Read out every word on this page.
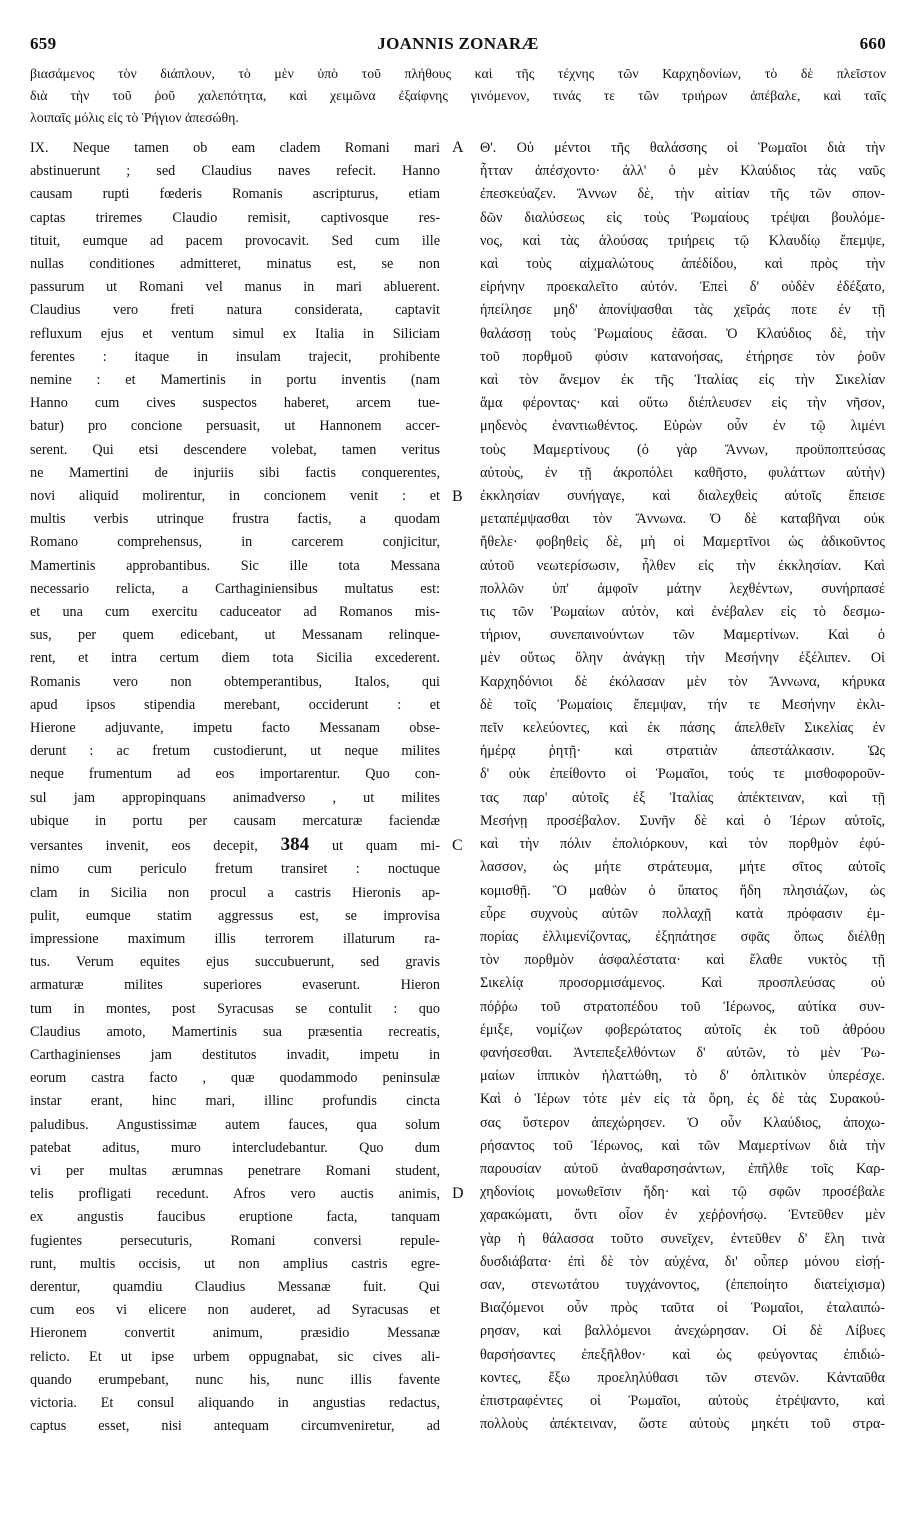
659	JOANNIS ZONARÆ	660
βιασάμενος τὸν διάπλουν, τὸ μὲν ὑπὸ τοῦ πλήθους καὶ τῆς τέχνης τῶν Καρχηδονίων, τὸ δὲ πλεῖστον
διὰ τὴν τοῦ ῥοῦ χαλεπότητα, καὶ χειμῶνα ἐξαίφνης γινόμενον, τινάς τε τῶν τριήρων ἀπέβαλε, καὶ ταῖς
λοιπαῖς μόλις εἰς τὸ Ῥήγιον ἀπεσώθη.
IX. Neque tamen ob eam cladem Romani mari
abstinuerunt ; sed Claudius naves refecit. Hanno
causam rupti fœderis Romanis ascripturus, etiam
captas triremes Claudio remisit, captivosque res-
tituit, eumque ad pacem provocavit. Sed cum ille
nullas conditiones admitteret, minatus est, se non
passurum ut Romani vel manus in mari abluerent.
Claudius vero freti natura considerata, captavit
refluxum ejus et ventum simul ex Italia in Siliciam
ferentes : itaque in insulam trajecit, prohibente
nemine : et Mamertinis in portu inventis (nam
Hanno cum cives suspectos haberet, arcem tue-
batur) pro concione persuasit, ut Hannonem accer-
serent. Qui etsi descendere volebat, tamen veritus
ne Mamertini de injuriis sibi factis conquerentes,
novi aliquid molirentur, in concionem venit : et
multis verbis utrinque frustra factis, a quodam
Romano comprehensus, in carcerem conjicitur,
Mamertinis approbantibus. Sic ille tota Messana
necessario relicta, a Carthaginiensibus multatus est:
et una cum exercitu caduceator ad Romanos mis-
sus, per quem edicebant, ut Messanam relinque-
rent, et intra certum diem tota Sicilia excederent.
Romanis vero non obtemperantibus, Italos, qui
apud ipsos stipendia merebant, occiderunt : et
Hierone adjuvante, impetu facto Messanam obse-
derunt : ac fretum custodierunt, ut neque milites
neque frumentum ad eos importarentur. Quo con-
sul jam appropinquans animadverso , ut milites
ubique in portu per causam mercaturæ faciendæ
versantes invenit, eos decepit, 384 ut quam mi-
nimo cum periculo fretum transiret : noctuque
clam in Sicilia non procul a castris Hieronis ap-
pulit, eumque statim aggressus est, se improvisa
impressione maximum illis terrorem illaturum ra-
tus. Verum equites ejus succubuerunt, sed gravis
armaturæ milites superiores evaserunt. Hieron
tum in montes, post Syracusas se contulit : quo
Claudius amoto, Mamertinis sua præsentia recreatis,
Carthaginienses jam destitutos invadit, impetu in
eorum castra facto , quæ quodammodo peninsulæ
instar erant, hinc mari, illinc profundis cincta
paludibus. Angustissimæ autem fauces, qua solum
patebat aditus, muro intercludebantur. Quo dum
vi per multas ærumnas penetrare Romani student,
telis profligati recedunt. Afros vero auctis animis,
ex angustis faucibus eruptione facta, tanquam
fugientes persecuturis, Romani conversi repule-
runt, multis occisis, ut non amplius castris egre-
derentur, quamdiu Claudius Messanæ fuit. Qui
cum eos vi elicere non auderet, ad Syracusas et
Hieronem convertit animum, præsidio Messanæ
relicto. Et ut ipse urbem oppugnabat, sic cives ali-
quando erumpebant, nunc his, nunc illis favente
victoria. Et consul aliquando in angustias redactus,
captus esset, nisi antequam circumveniretur, ad
Θ'. Οὐ μέντοι τῆς θαλάσσης οἱ Ῥωμαῖοι διὰ τὴν
ἧτταν ἀπέσχοντο· ἀλλ' ὁ μὲν Κλαύδιος τὰς ναῦς
ἐπεσκεύαζεν. Ἄννων δὲ, τὴν αἰτίαν τῆς τῶν σπον-
δῶν διαλύσεως εἰς τοὺς Ῥωμαίους τρέψαι βουλόμε-
νος, καὶ τὰς ἁλούσας τριήρεις τῷ Κλαυδίῳ ἔπεμψε,
καὶ τοὺς αἰχμαλώτους ἀπέδίδου, καὶ πρὸς τὴν
εἰρήνην προεκαλεῖτο αὐτόν. Ἐπεὶ δ' οὐδὲν ἐδέξατο,
ἠπείλησε μηδ' ἀπονίψασθαι τὰς χεῖράς ποτε ἐν τῇ
θαλάσσῃ τοὺς Ῥωμαίους ἐᾶσαι. Ὁ Κλαύδιος δὲ, τὴν
τοῦ πορθμοῦ φύσιν κατανοήσας, ἐτήρησε τὸν ῥοῦν
καὶ τὸν ἄνεμον ἐκ τῆς Ἰταλίας εἰς τὴν Σικελίαν
ἅμα φέροντας· καὶ οὕτω διέπλευσεν εἰς τὴν νῆσον,
μηδενὸς ἐναντιωθέντος. Εὑρὼν οὖν ἐν τῷ λιμένι
τοὺς Μαμερτίνους (ὁ γὰρ Ἄννων, προϋποπτεύσας
αὐτοὺς, ἐν τῇ ἀκροπόλει καθῆστο, φυλάττων αὐτὴν)
ἐκκλησίαν συνήγαγε, καὶ διαλεχθεὶς αὐτοῖς ἔπεισε
μεταπέμψασθαι τὸν Ἄννωνα. Ὁ δὲ καταβῆναι οὐκ
ἤθελε· φοβηθεὶς δὲ, μὴ οἱ Μαμερτῖνοι ὡς ἀδικοῦντος
αὐτοῦ νεωτερίσωσιν, ἦλθεν εἰς τὴν ἐκκλησίαν. Καὶ
πολλῶν ὑπ' ἀμφοῖν μάτην λεχθέντων, συνήρπασέ
τις τῶν Ῥωμαίων αὐτὸν, καὶ ἐνέβαλεν εἰς τὸ δεσμω-
τήριον, συνεπαινούντων τῶν Μαμερτίνων. Καὶ ὁ
μὲν οὕτως ὅλην ἀνάγκῃ τὴν Μεσήνην ἐξέλιπεν. Οἱ
Καρχηδόνιοι δὲ ἐκόλασαν μὲν τὸν Ἄννωνα, κήρυκα
δὲ τοῖς Ῥωμαίοις ἔπεμψαν, τήν τε Μεσήνην ἐκλι-
πεῖν κελεύοντες, καὶ ἐκ πάσης ἀπελθεῖν Σικελίας ἐν
ἡμέρᾳ ῥητῇ· καὶ στρατιὰν ἀπεστάλκασιν. Ὡς
δ' οὐκ ἐπείθοντο οἱ Ῥωμαῖοι, τούς τε μισθοφοροῦν-
τας παρ' αὐτοῖς ἐξ Ἰταλίας ἀπέκτειναν, καὶ τῇ
Μεσήνῃ προσέβαλον. Συνῆν δὲ καὶ ὁ Ἱέρων αὐτοῖς,
καὶ τὴν πόλιν ἐπολιόρκουν, καὶ τὸν πορθμὸν ἐφύ-
λασσον, ὡς μήτε στράτευμα, μήτε σῖτος αὐτοῖς
κομισθῇ. Ὃ μαθὼν ὁ ὕπατος ἤδη πλησιάζων, ὡς
εὗρε συχνοὺς αὐτῶν πολλαχῇ κατὰ πρόφασιν ἐμ-
πορίας ἐλλιμενίζοντας, ἐξηπάτησε σφᾶς ὅπως διέλθῃ
τὸν πορθμὸν ἀσφαλέστατα· καὶ ἔλαθε νυκτὸς τῇ
Σικελίᾳ προσορμισάμενος. Καὶ προσπλεύσας οὐ
πόῤῥω τοῦ στρατοπέδου τοῦ Ἱέρωνος, αὐτίκα συν-
έμιξε, νομίζων φοβερώτατος αὐτοῖς ἐκ τοῦ ἀθρόου
φανήσεσθαι. Ἀντεπεξελθόντων δ' αὐτῶν, τὸ μὲν Ῥω-
μαίων ἱππικὸν ἡλαττώθη, τὸ δ' ὁπλιτικὸν ὑπερέσχε.
Καὶ ὁ Ἱέρων τότε μὲν εἰς τὰ ὄρη, ἐς δὲ τὰς Συρακού-
σας ὕστερον ἀπεχώρησεν. Ὁ οὖν Κλαύδιος, ἀποχω-
ρήσαντος τοῦ Ἱέρωνος, καὶ τῶν Μαμερτίνων διὰ τὴν
παρουσίαν αὐτοῦ ἀναθαρσησάντων, ἐπῆλθε τοῖς Καρ-
χηδονίοις μονωθεῖσιν ἤδη· καὶ τῷ σφῶν προσέβαλε
χαρακώματι, ὄντι οἷον ἐν χεῤῥονήσῳ. Ἐντεῦθεν μὲν
γὰρ ἡ θάλασσα τοῦτο συνεῖχεν, ἐντεῦθεν δ' ἕλη τινὰ
δυσδιάβατα· ἐπὶ δὲ τὸν αὐχένα, δι' οὗπερ μόνου εἰσῄ-
σαν, στενωτάτου τυγχάνοντος, (ἐπεποίητο διατείχισμα)
Βιαζόμενοι οὖν πρὸς ταῦτα οἱ Ῥωμαῖοι, ἐταλαιπώ-
ρησαν, καὶ βαλλόμενοι ἀνεχώρησαν. Οἱ δὲ Λίβυες
θαρσήσαντες ἐπεξῆλθον· καὶ ὡς φεύγοντας ἐπιδιώ-
κοντες, ἔξω προεληλύθασι τῶν στενῶν. Κἀνταῦθα
ἐπιστραφέντες οἱ Ῥωμαῖοι, αὐτοὺς ἐτρέψαντο, καὶ
πολλοὺς ἀπέκτειναν, ὥστε αὐτοὺς μηκέτι τοῦ στρα-
A
B
C
D
